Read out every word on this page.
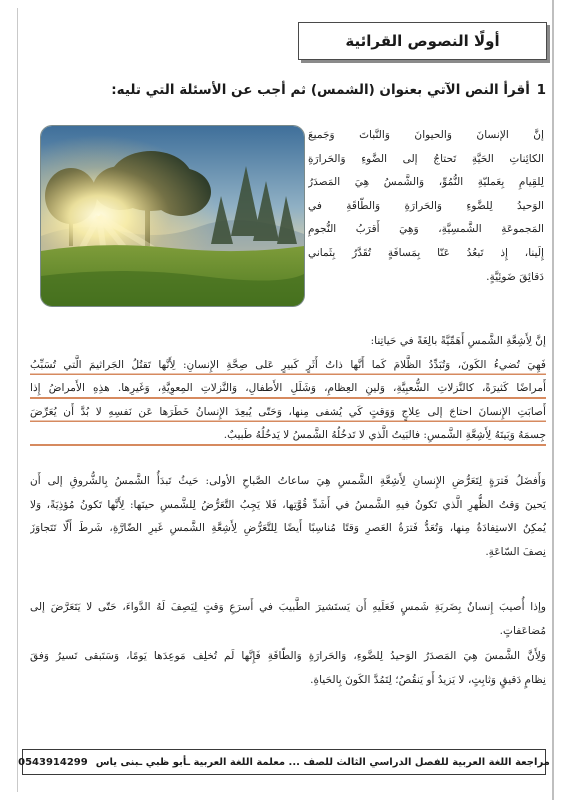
أولًا النصوص القرائية
1 أقرأ النص الآتي بعنوان (الشمس) ثم أجب عن الأسئلة التي تليه:
إنَّ الإنسانَ وَالحيوانَ وَالنَّباتَ وَجَميعَ
الكائِناتِ الحَيَّةِ تَحتاجُ إلى الضَّوءِ وَالحَرارَةِ
لِلقِيامِ بِعَمليّةِ النُّمُوِّ، وَالشَّمسُ هِيَ المَصدَرُ
الوَحيدُ لِلضَّوءِ وَالحَرارَةِ وَالطّاقَةِ في
المَجموعَةِ الشَّمسِيَّةِ، وَهِيَ أَقرَبُ النُّجومِ
إِلَينا، إِذ تَبعُدُ عَنّا بِمَسافَةٍ تُقَدَّرُ بِثَماني
دَقائِقَ ضَوئِيَّةٍ.
إنَّ لِأَشِعَّةِ الشَّمسِ أَهَمِّيَّةً بالِغَةً في حَياتِنا:
فَهِيَ تُضيءُ الكَونَ، وَتُبَدِّدُ الظَّلامَ كَما أَنَّها ذاتُ أَثَرٍ كَبيرٍ عَلى صِحَّةِ الإِنسانِ: لِأَنَّها تَقتُلُ الجَراثيمَ الَّتي تُسَبِّبُ
أَمراضًا كَثيرَةً، كالنَّزلاتِ الشُّعبِيَّةِ، وَلينِ العِظامِ، وَشَلَلِ الأَطفالِ، وَالنَّزلاتِ المِعوِيَّةِ، وَغَيرِها. هذِهِ الأَمراضُ إِذا
أَصابَتِ الإِنسانَ احتاجَ إلى عِلاجٍ وَوَقتٍ كَي يُشفى مِنها، وَحَتّى يُبعِدَ الإِنسانُ خَطَرَها عَن نَفسِهِ لا بُدَّ أَن يُعَرِّضَ
جِسمَهُ وَبَيتَهُ لِأَشِعَّةِ الشَّمسِ: فالبَيتُ الَّذي لا تَدخُلُهُ الشَّمسُ لا يَدخُلُهُ طَبيبٌ.
وَأَفضَلُ فَترَةٍ لِتَعَرُّضِ الإِنسانِ لِأَشِعَّةِ الشَّمسِ هِيَ ساعاتُ الصَّباحِ الأولى: حَيثُ تَبدَأُ الشَّمسُ بِالشُّروقِ إلى أَن
يَحينَ وَقتُ الظُّهرِ الَّذي تَكونُ فيهِ الشَّمسُ في أَشَدِّ قُوَّتِها، فَلا يَجِبُ التَّعَرُّضُ لِلشَّمسِ حينَها: لِأَنَّها تَكونُ مُؤذِيَةً، وَلا
يُمكِنُ الاستِفادَةُ مِنها، وَتُعَدُّ فَترَةُ العَصرِ وَقتًا مُناسِبًا أَيضًا لِلتَّعَرُّضِ لِأَشِعَّةِ الشَّمسِ غَيرِ الضّارَّةِ، شَرطَ أَلّا تَتَجاوَزَ
نِصفَ السّاعَةِ.
وإذا أُصيبَ إِنسانٌ بِضَربَةِ شَمسٍ فَعَلَيهِ أَن يَستَشيرَ الطَّبيبَ في أَسرَعِ وَقتٍ لِيَصِفَ لَهُ الدَّواءَ، حَتّى لا يَتَعَرَّضَ إلى
مُضاعَفاتٍ.
وَلِأَنَّ الشَّمسَ هِيَ المَصدَرُ الوَحيدُ لِلضَّوءِ، وَالحَرارَةِ وَالطّاقَةِ فَإِنَّها لَم تُخلِف مَوعِدَها يَومًا، وَسَتَبقى تَسيرُ وَفقَ
نِظامٍ دَقيقٍ وَثابِتٍ، لا يَزيدُ أَو يَنقُصُ؛ لِتَمُدَّ الكَونَ بِالحَياةِ.
مراجعة اللغة العربية للفصل الدراسي الثالث للصف ... معلمة اللغة العربية ـأبو ظبي ـبنى ياس
0543914299
